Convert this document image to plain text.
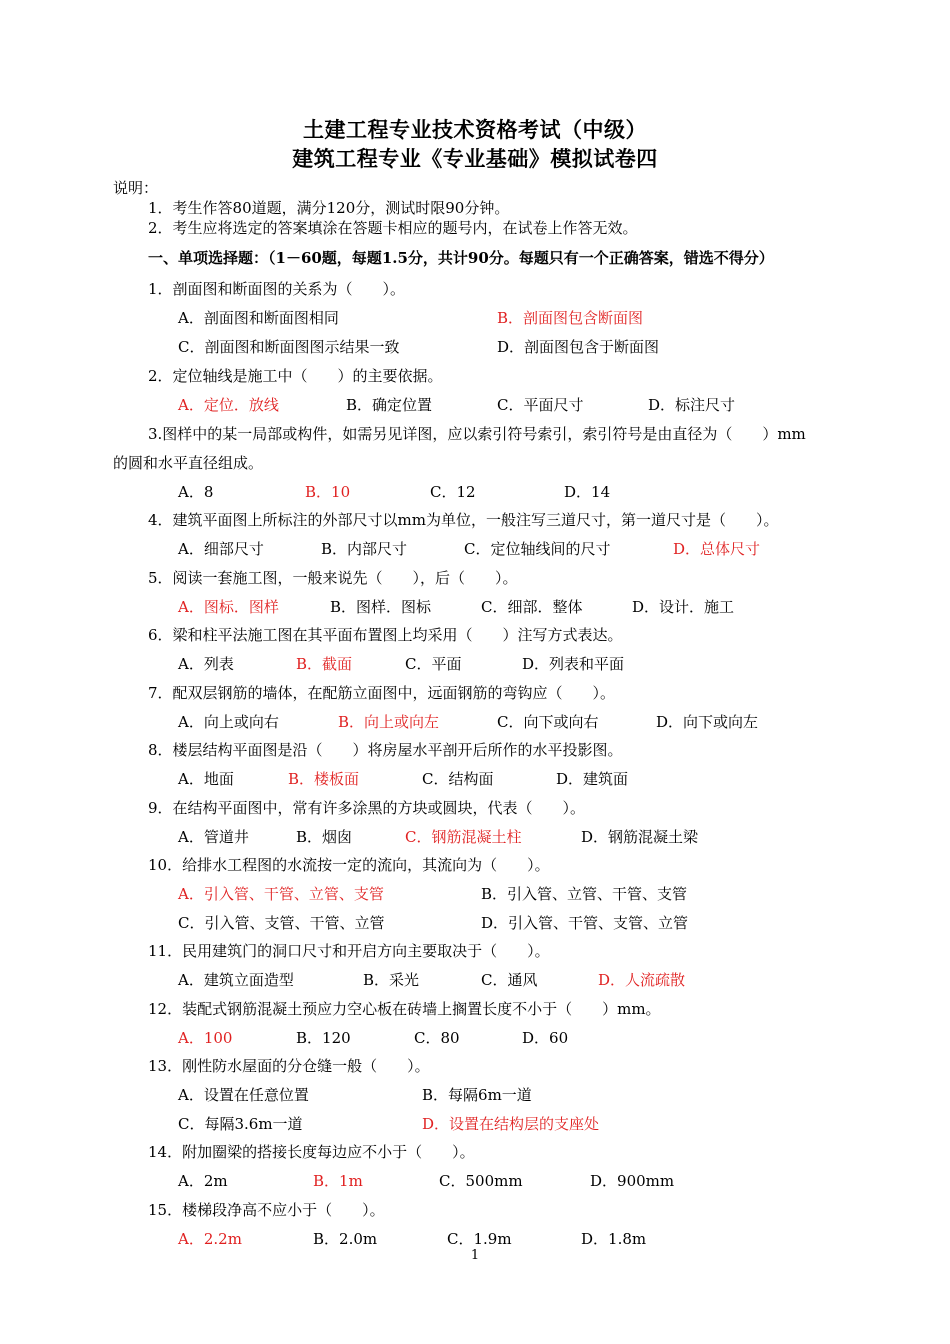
土建工程专业技术资格考试（中级）
建筑工程专业《专业基础》模拟试卷四
说明：
1．考生作答80道题，满分120分，测试时限90分钟。
2．考生应将选定的答案填涂在答题卡相应的题号内，在试卷上作答无效。
一、单项选择题：（1－60题，每题1.5分，共计90分。每题只有一个正确答案，错选不得分）
1．剖面图和断面图的关系为（　　）。
A．剖面图和断面图相同	B．剖面图包含断面图
C．剖面图和断面图图示结果一致	D．剖面图包含于断面图
2．定位轴线是施工中（　　）的主要依据。
A．定位．放线	B．确定位置	C．平面尺寸	D．标注尺寸
3.图样中的某一局部或构件，如需另见详图，应以索引符号索引，索引符号是由直径为（　　）mm
的圆和水平直径组成。
A．8	B．10	C．12	D．14
4．建筑平面图上所标注的外部尺寸以mm为单位，一般注写三道尺寸，第一道尺寸是（　　）。
A．细部尺寸	B．内部尺寸	C．定位轴线间的尺寸	D．总体尺寸
5．阅读一套施工图，一般来说先（　　），后（　　）。
A．图标．图样	B．图样．图标	C．细部．整体	D．设计．施工
6．梁和柱平法施工图在其平面布置图上均采用（　　）注写方式表达。
A．列表	B．截面	C．平面	D．列表和平面
7．配双层钢筋的墙体，在配筋立面图中，远面钢筋的弯钩应（　　）。
A．向上或向右	B．向上或向左	C．向下或向右	D．向下或向左
8．楼层结构平面图是沿（　　）将房屋水平剖开后所作的水平投影图。
A．地面	B．楼板面	C．结构面	D．建筑面
9．在结构平面图中，常有许多涂黑的方块或圆块，代表（　　）。
A．管道井	B．烟囱	C．钢筋混凝土柱	D．钢筋混凝土梁
10．给排水工程图的水流按一定的流向，其流向为（　　）。
A．引入管、干管、立管、支管	B．引入管、立管、干管、支管
C．引入管、支管、干管、立管	D．引入管、干管、支管、立管
11．民用建筑门的洞口尺寸和开启方向主要取决于（　　）。
A．建筑立面造型	B．采光	C．通风	D．人流疏散
12．装配式钢筋混凝土预应力空心板在砖墙上搁置长度不小于（　　）mm。
A．100	B．120	C．80	D．60
13．刚性防水屋面的分仓缝一般（　　）。
A．设置在任意位置	B．每隔6m一道
C．每隔3.6m一道	D．设置在结构层的支座处
14．附加圈梁的搭接长度每边应不小于（　　）。
A．2m	B．1m	C．500mm	D．900mm
15．楼梯段净高不应小于（　　）。
A．2.2m	B．2.0m	C．1.9m	D．1.8m
1
